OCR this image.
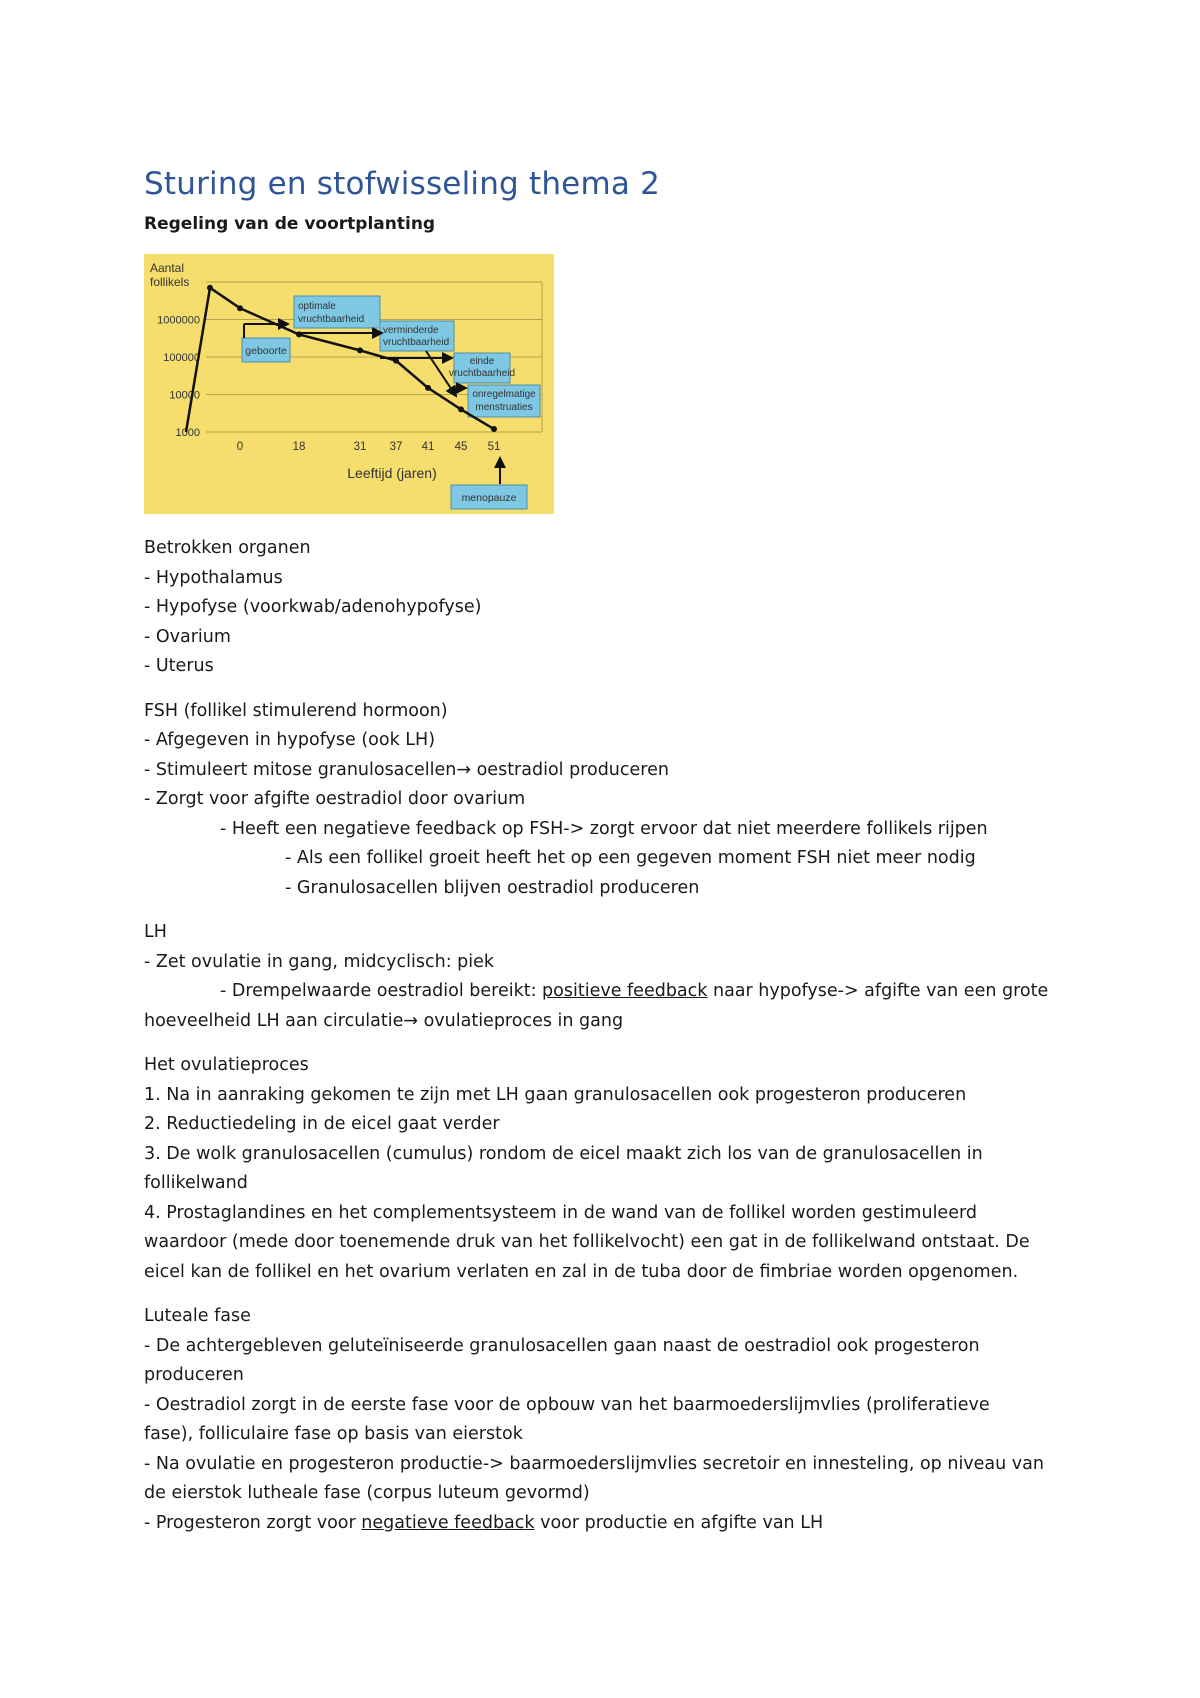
Sturing en stofwisseling thema 2

Regeling van de voortplanting

Aantal follikels
1000000
100000
10000
1000
0	18	31 37 41 45 51
Leeftijd (jaren)
geboorte
optimale
vruchtbaarheid
verminderde
vruchtbaarheid
einde
vruchtbaarheid
onregelmatige
menstruaties
menopauze

Betrokken organen

- Hypothalamus

- Hypofyse (voorkwab/adenohypofyse)

- Ovarium

- Uterus

FSH (follikel stimulerend hormoon)

- Afgegeven in hypofyse (ook LH)

- Stimuleert mitose granulosacellen→ oestradiol produceren

- Zorgt voor afgifte oestradiol door ovarium

- Heeft een negatieve feedback op FSH-> zorgt ervoor dat niet meerdere follikels rijpen

- Als een follikel groeit heeft het op een gegeven moment FSH niet meer nodig

- Granulosacellen blijven oestradiol produceren

LH

- Zet ovulatie in gang, midcyclisch: piek

- Drempelwaarde oestradiol bereikt: positieve feedback naar hypofyse-> afgifte van een grote

hoeveelheid LH aan circulatie→ ovulatieproces in gang

Het ovulatieproces

1. Na in aanraking gekomen te zijn met LH gaan granulosacellen ook progesteron produceren

2. Reductiedeling in de eicel gaat verder

3. De wolk granulosacellen (cumulus) rondom de eicel maakt zich los van de granulosacellen in

follikelwand

4. Prostaglandines en het complementsysteem in de wand van de follikel worden gestimuleerd

waardoor (mede door toenemende druk van het follikelvocht) een gat in de follikelwand ontstaat. De

eicel kan de follikel en het ovarium verlaten en zal in de tuba door de fimbriae worden opgenomen.

Luteale fase

- De achtergebleven geluteïniseerde granulosacellen gaan naast de oestradiol ook progesteron

produceren

- Oestradiol zorgt in de eerste fase voor de opbouw van het baarmoederslijmvlies (proliferatieve

fase), folliculaire fase op basis van eierstok

- Na ovulatie en progesteron productie-> baarmoederslijmvlies secretoir en innesteling, op niveau van

de eierstok lutheale fase (corpus luteum gevormd)

- Progesteron zorgt voor negatieve feedback voor productie en afgifte van LH
